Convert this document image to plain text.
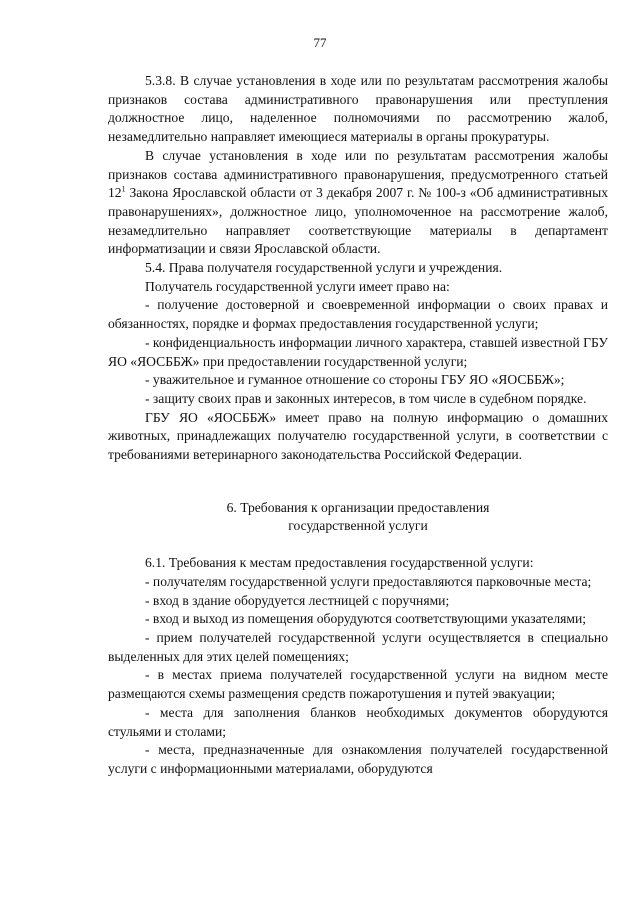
77

5.3.8. В случае установления в ходе или по результатам рассмотрения жалобы признаков состава административного правонарушения или преступления должностное лицо, наделенное полномочиями по рассмотрению жалоб, незамедлительно направляет имеющиеся материалы в органы прокуратуры.

В случае установления в ходе или по результатам рассмотрения жалобы признаков состава административного правонарушения, предусмотренного статьей $12^1$ Закона Ярославской области от 3 декабря 2007 г. № 100-з «Об административных правонарушениях», должностное лицо, уполномоченное на рассмотрение жалоб, незамедлительно направляет соответствующие материалы в департамент информатизации и связи Ярославской области.

5.4. Права получателя государственной услуги и учреждения.

Получатель государственной услуги имеет право на:

- получение достоверной и своевременной информации о своих правах и обязанностях, порядке и формах предоставления государственной услуги;

- конфиденциальность информации личного характера, ставшей известной ГБУ ЯО «ЯОСББЖ» при предоставлении государственной услуги;

- уважительное и гуманное отношение со стороны ГБУ ЯО «ЯОСББЖ»;

- защиту своих прав и законных интересов, в том числе в судебном порядке.

ГБУ ЯО «ЯОСББЖ» имеет право на полную информацию о домашних животных, принадлежащих получателю государственной услуги, в соответствии с требованиями ветеринарного законодательства Российской Федерации.

6. Требования к организации предоставления

государственной услуги

6.1. Требования к местам предоставления государственной услуги:

- получателям государственной услуги предоставляются парковочные места;

- вход в здание оборудуется лестницей с поручнями;

- вход и выход из помещения оборудуются соответствующими указателями;

- прием получателей государственной услуги осуществляется в специально выделенных для этих целей помещениях;

- в местах приема получателей государственной услуги на видном месте размещаются схемы размещения средств пожаротушения и путей эвакуации;

- места для заполнения бланков необходимых документов оборудуются стульями и столами;

- места, предназначенные для ознакомления получателей государственной услуги с информационными материалами, оборудуются
